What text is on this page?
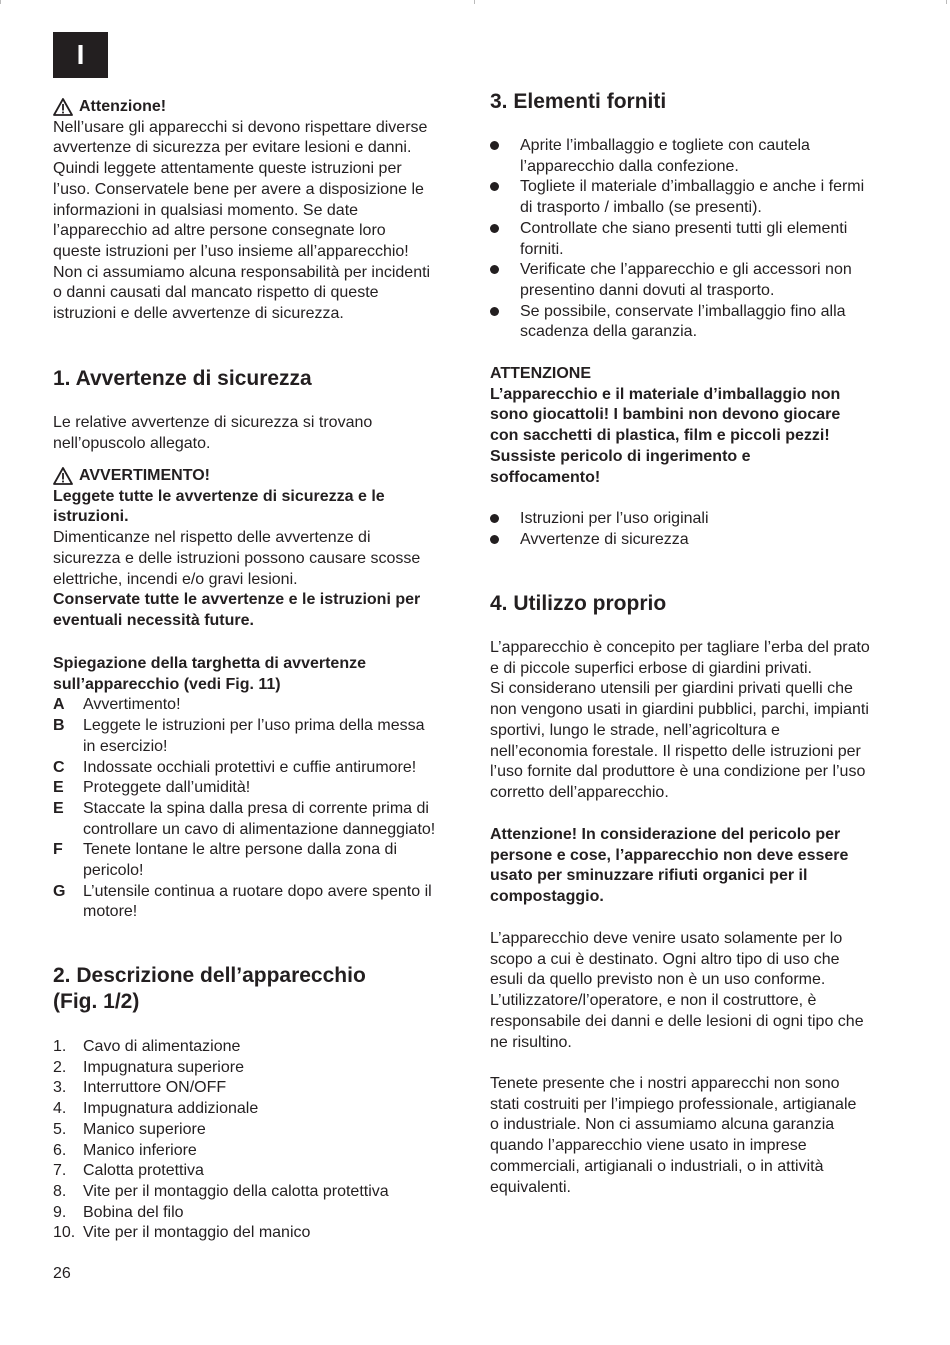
I
Attenzione!

Nell’usare gli apparecchi si devono rispettare diverse

avvertenze di sicurezza per evitare lesioni e danni.

Quindi leggete attentamente queste istruzioni per

l’uso. Conservatele bene per avere a disposizione le

informazioni in qualsiasi momento. Se date

l’apparecchio ad altre persone consegnate loro

queste istruzioni per l’uso insieme all’apparecchio!

Non ci assumiamo alcuna responsabilità per incidenti

o danni causati dal mancato rispetto di queste

istruzioni e delle avvertenze di sicurezza.

1. Avvertenze di sicurezza

Le relative avvertenze di sicurezza si trovano

nell’opuscolo allegato.

AVVERTIMENTO!

Leggete tutte le avvertenze di sicurezza e le

istruzioni.

Dimenticanze nel rispetto delle avvertenze di

sicurezza e delle istruzioni possono causare scosse

elettriche, incendi e/o gravi lesioni.

Conservate tutte le avvertenze e le istruzioni per

eventuali necessità future.

Spiegazione della targhetta di avvertenze

sull’apparecchio (vedi Fig. 11)

A	Avvertimento!

B	Leggete le istruzioni per l’uso prima della messa

in esercizio!

C	Indossate occhiali protettivi e cuffie antirumore!

E	Proteggete dall’umidità!

E	Staccate la spina dalla presa di corrente prima di

controllare un cavo di alimentazione danneggiato!

F	Tenete lontane le altre persone dalla zona di

pericolo!

G	L’utensile continua a ruotare dopo avere spento il

motore!

2. Descrizione dell’apparecchio
(Fig. 1/2)
1.	Cavo di alimentazione
2.	Impugnatura superiore
3.	Interruttore ON/OFF
4.	Impugnatura addizionale
5.	Manico superiore
6.	Manico inferiore
7.	Calotta protettiva
8.	Vite per il montaggio della calotta protettiva
9.	Bobina del filo
10. Vite per il montaggio del manico
3. Elementi forniti

Aprite l’imballaggio e togliete con cautela

l’apparecchio dalla confezione.

Togliete il materiale d’imballaggio e anche i fermi

di trasporto / imballo (se presenti).

Controllate che siano presenti tutti gli elementi

forniti.

Verificate che l’apparecchio e gli accessori non

presentino danni dovuti al trasporto.

Se possibile, conservate l’imballaggio fino alla

scadenza della garanzia.

ATTENZIONE

L’apparecchio e il materiale d’imballaggio non

sono giocattoli! I bambini non devono giocare

con sacchetti di plastica, film e piccoli pezzi!

Sussiste pericolo di ingerimento e

soffocamento!

Istruzioni per l’uso originali

Avvertenze di sicurezza

4. Utilizzo proprio

L’apparecchio è concepito per tagliare l’erba del prato

e di piccole superfici erbose di giardini privati.

Si considerano utensili per giardini privati quelli che

non vengono usati in giardini pubblici, parchi, impianti

sportivi, lungo le strade, nell’agricoltura e

nell’economia forestale. Il rispetto delle istruzioni per

l’uso fornite dal produttore è una condizione per l’uso

corretto dell’apparecchio.

Attenzione! In considerazione del pericolo per

persone e cose, l’apparecchio non deve essere

usato per sminuzzare rifiuti organici per il

compostaggio.

L’apparecchio deve venire usato solamente per lo

scopo a cui è destinato. Ogni altro tipo di uso che

esuli da quello previsto non è un uso conforme.

L’utilizzatore/l’operatore, e non il costruttore, è

responsabile dei danni e delle lesioni di ogni tipo che

ne risultino.

Tenete presente che i nostri apparecchi non sono

stati costruiti per l’impiego professionale, artigianale

o industriale. Non ci assumiamo alcuna garanzia

quando l’apparecchio viene usato in imprese

commerciali, artigianali o industriali, o in attività

equivalenti.

26
